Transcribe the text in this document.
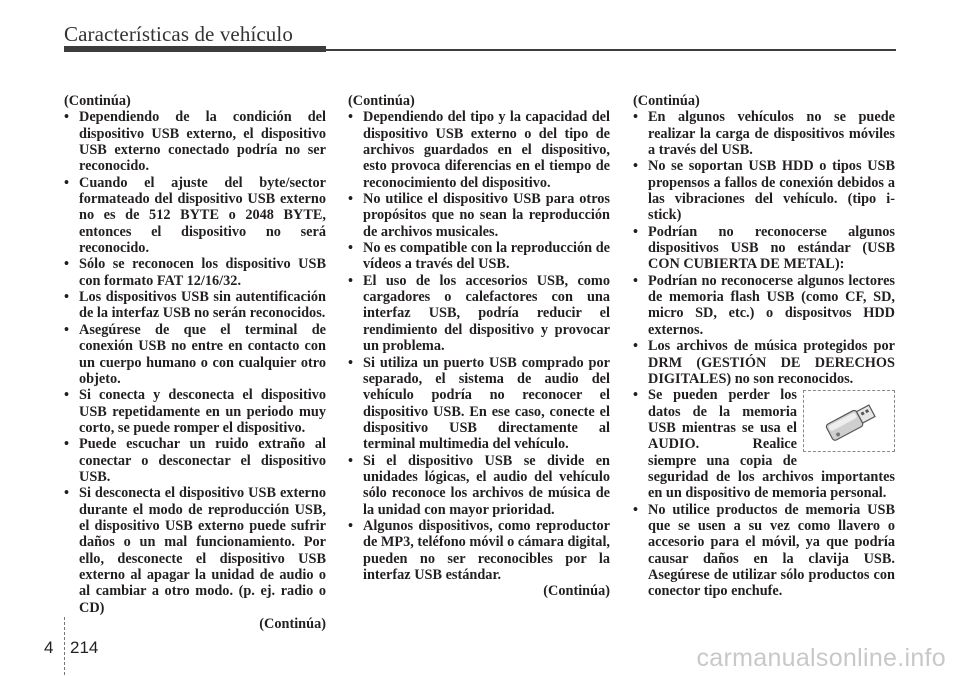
Características de vehículo
(Continúa)
• Dependiendo de la condición del dispositivo USB externo, el dispositivo USB externo conectado podría no ser reconocido.
• Cuando el ajuste del byte/sector formateado del dispositivo USB externo no es de 512 BYTE o 2048 BYTE, entonces el dispositivo no será reconocido.
• Sólo se reconocen los dispositivo USB con formato FAT 12/16/32.
• Los dispositivos USB sin autentificación de la interfaz USB no serán reconocidos.
• Asegúrese de que el terminal de conexión USB no entre en contacto con un cuerpo humano o con cualquier otro objeto.
• Si conecta y desconecta el dispositivo USB repetidamente en un periodo muy corto, se puede romper el dispositivo.
• Puede escuchar un ruido extraño al conectar o desconectar el dispositivo USB.
• Si desconecta el dispositivo USB externo durante el modo de reproducción USB, el dispositivo USB externo puede sufrir daños o un mal funcionamiento. Por ello, desconecte el dispositivo USB externo al apagar la unidad de audio o al cambiar a otro modo. (p. ej. radio o CD)
(Continúa)
(Continúa)
• Dependiendo del tipo y la capacidad del dispositivo USB externo o del tipo de archivos guardados en el dispositivo, esto provoca diferencias en el tiempo de reconocimiento del dispositivo.
• No utilice el dispositivo USB para otros propósitos que no sean la reproducción de archivos musicales.
• No es compatible con la reproducción de vídeos a través del USB.
• El uso de los accesorios USB, como cargadores o calefactores con una interfaz USB, podría reducir el rendimiento del dispositivo y provocar un problema.
• Si utiliza un puerto USB comprado por separado, el sistema de audio del vehículo podría no reconocer el dispositivo USB. En ese caso, conecte el dispositivo USB directamente al terminal multimedia del vehículo.
• Si el dispositivo USB se divide en unidades lógicas, el audio del vehículo sólo reconoce los archivos de música de la unidad con mayor prioridad.
• Algunos dispositivos, como reproductor de MP3, teléfono móvil o cámara digital, pueden no ser reconocibles por la interfaz USB estándar.
(Continúa)
(Continúa)
• En algunos vehículos no se puede realizar la carga de dispositivos móviles a través del USB.
• No se soportan USB HDD o tipos USB propensos a fallos de conexión debidos a las vibraciones del vehículo. (tipo i-stick)
• Podrían no reconocerse algunos dispositivos USB no estándar (USB CON CUBIERTA DE METAL):
• Podrían no reconocerse algunos lectores de memoria flash USB (como CF, SD, micro SD, etc.) o dispositvos HDD externos.
• Los archivos de música protegidos por DRM (GESTIÓN DE DERECHOS DIGITALES) no son reconocidos.
• Se pueden perder los datos de la memoria USB mientras se usa el AUDIO. Realice siempre una copia de seguridad de los archivos importantes en un dispositivo de memoria personal.
• No utilice productos de memoria USB que se usen a su vez como llavero o accesorio para el móvil, ya que podría causar daños en la clavija USB. Asegúrese de utilizar sólo productos con conector tipo enchufe.
4 214	carmanualsonline.info
